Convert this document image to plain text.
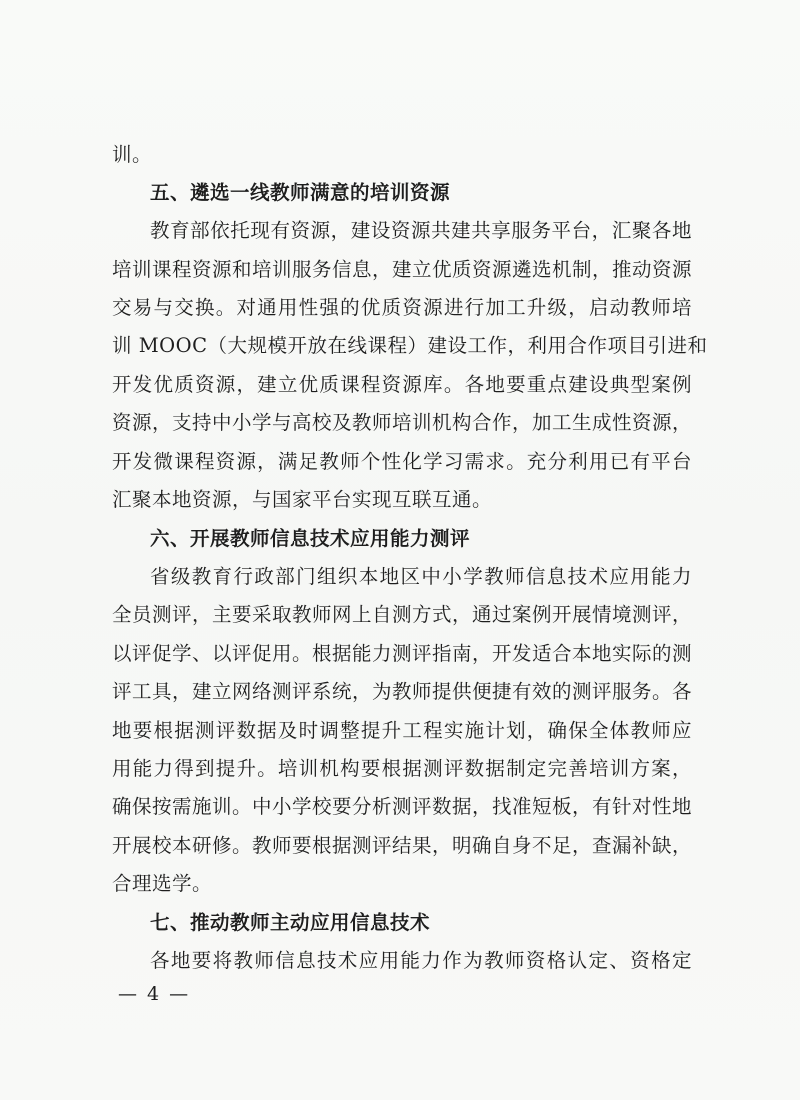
训。
五、遴选一线教师满意的培训资源
教育部依托现有资源，建设资源共建共享服务平台，汇聚各地
培训课程资源和培训服务信息，建立优质资源遴选机制，推动资源
交易与交换。对通用性强的优质资源进行加工升级，启动教师培
训 MOOC（大规模开放在线课程）建设工作，利用合作项目引进和
开发优质资源，建立优质课程资源库。各地要重点建设典型案例
资源，支持中小学与高校及教师培训机构合作，加工生成性资源，
开发微课程资源，满足教师个性化学习需求。充分利用已有平台
汇聚本地资源，与国家平台实现互联互通。
六、开展教师信息技术应用能力测评
省级教育行政部门组织本地区中小学教师信息技术应用能力
全员测评，主要采取教师网上自测方式，通过案例开展情境测评，
以评促学、以评促用。根据能力测评指南，开发适合本地实际的测
评工具，建立网络测评系统，为教师提供便捷有效的测评服务。各
地要根据测评数据及时调整提升工程实施计划，确保全体教师应
用能力得到提升。培训机构要根据测评数据制定完善培训方案，
确保按需施训。中小学校要分析测评数据，找准短板，有针对性地
开展校本研修。教师要根据测评结果，明确自身不足，查漏补缺，
合理选学。
七、推动教师主动应用信息技术
各地要将教师信息技术应用能力作为教师资格认定、资格定
— 4 —
